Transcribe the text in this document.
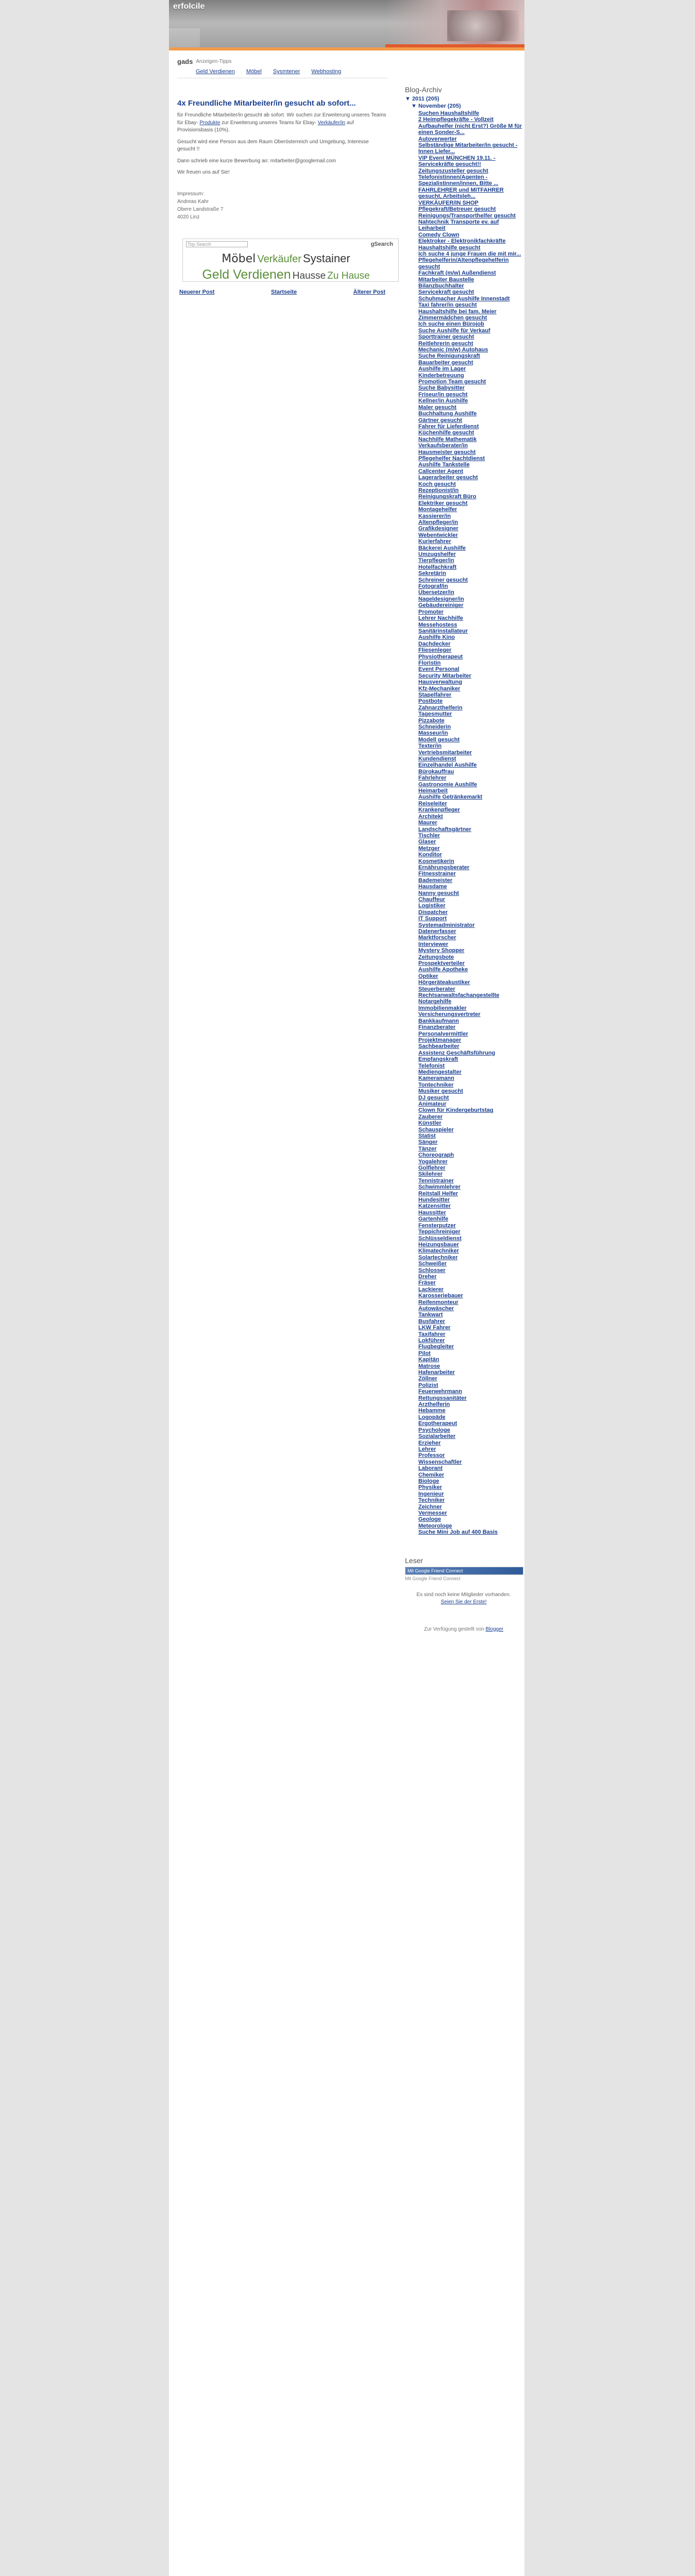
erfolcile
gads Anzeigen-Tipps
Geld Verdienen Möbel Sysmtener Webhosting
4x Freundliche Mitarbeiter/in gesucht ab sofort...
für Freundliche Mitarbeiter/in gesucht ab sofort. Wir suchen zur Erweiterung unseres Teams für Ebay- Produkte zur Erweiterung unseres Teams für Ebay- Verkäufer/in auf Provisionsbasis (10%).
Gesucht wird eine Person aus dem Raum Oberösterreich und Umgebung, Interesse gesucht !!
Dann schrieb eine kurze Bewerbung an: mitarbeiter@googlemail.com
Wir freuen uns auf Sie!
Impressum:
Andreas Kahr
Obere Landstraße 7
4020 Linz
Top Search	gSearch
Möbel Verkäufer Systainer
Geld Verdienen Hausse Zu Hause
Neuerer Post	Startseite	Älterer Post
Blog-Archiv
▼ 2011 (205)
▼ November (205)
Suchen Haushaltshilfe
2 Heimpflegekräfte - Vollzeit
Aufbauhelfer (nicht Erst?) Größe M für einen Sonder-S...
Autoverwerter
Selbständige Mitarbeiter/in gesucht - Innen Liefer...
VIP Event MÜNCHEN 19.11. - Servicekräfte gesucht!!
Zeitungszusteller gesucht
Telefonistinnen/Agenten -Spezialistinnen/innen, Bitte ...
FAHRLEHRER und MITFAHRER gesucht, Arbeitsleh...
VERKÄUFER/IN SHOP
Pflegekraft/Betreuer gesucht
Reinigungs/Transporthelfer gesucht
Nahtechnik Transporte ev. auf Leiharbeit
Comedy Clown
Elektroker - Elektronikfachkräfte
Haushaltshilfe gesucht
Ich suche 4 junge Frauen die mit mir...
Pflegehelferin/Altenpflegehelferin gesucht
Fachkraft (m/w) Außendienst
Mitarbeiter Baustelle
Bilanzbuchhalter
Servicekraft gesucht
Schuhmacher Aushilfe Innenstadt
Taxi fahrer/in gesucht
Haushaltshilfe bei fam. Meier
Zimmermädchen gesucht
Ich suche einen Bürojob
Suche Aushilfe für Verkauf
Sporttrainer gesucht
Reitlehrerin gesucht
Mechanic (m/w) Autohaus
Suche Reinigungskraft
Bauarbeiter gesucht
Aushilfe im Lager
Kinderbetreuung
Promotion Team gesucht
Suche Babysitter
Friseur/in gesucht
Kellner/in Aushilfe
Maler gesucht
Buchhaltung Aushilfe
Gärtner gesucht
Fahrer für Lieferdienst
Küchenhilfe gesucht
Nachhilfe Mathematik
Verkaufsberater/in
Hausmeister gesucht
Pflegehelfer Nachtdienst
Aushilfe Tankstelle
Callcenter Agent
Lagerarbeiter gesucht
Koch gesucht
Rezeptionist/in
Reinigungskraft Büro
Elektriker gesucht
Montagehelfer
Kassierer/in
Altenpfleger/in
Grafikdesigner
Webentwickler
Kurierfahrer
Bäckerei Aushilfe
Umzugshelfer
Tierpfleger/in
Hotelfachkraft
Sekretärin
Schreiner gesucht
Fotograf/in
Übersetzer/in
Nageldesigner/in
Gebäudereiniger
Promoter
Lehrer Nachhilfe
Messehostess
Sanitärinstallateur
Aushilfe Kino
Dachdecker
Fliesenleger
Physiotherapeut
Floristin
Event Personal
Security Mitarbeiter
Hausverwaltung
Kfz-Mechaniker
Stapelfahrer
Postbote
Zahnarzthelferin
Tagesmutter
Pizzabote
Schneiderin
Masseur/in
Modell gesucht
Texter/in
Vertriebsmitarbeiter
Kundendienst
Einzelhandel Aushilfe
Bürokauffrau
Fahrlehrer
Gastronomie Aushilfe
Heimarbeit
Aushilfe Getränkemarkt
Reiseleiter
Krankenpfleger
Architekt
Maurer
Landschaftsgärtner
Tischler
Glaser
Metzger
Konditor
Kosmetikerin
Ernährungsberater
Fitnesstrainer
Bademeister
Hausdame
Nanny gesucht
Chauffeur
Logistiker
Dispatcher
IT Support
Systemadministrator
Datenerfasser
Marktforscher
Interviewer
Mystery Shopper
Zeitungsbote
Prospektverteiler
Aushilfe Apotheke
Optiker
Hörgeräteakustiker
Steuerberater
Rechtsanwaltsfachangestellte
Notargehilfe
Immobilienmakler
Versicherungsvertreter
Bankkaufmann
Finanzberater
Personalvermittler
Projektmanager
Sachbearbeiter
Assistenz Geschäftsführung
Empfangskraft
Telefonist
Mediengestalter
Kameramann
Tontechniker
Musiker gesucht
DJ gesucht
Animateur
Clown für Kindergeburtstag
Zauberer
Künstler
Schauspieler
Statist
Sänger
Tänzer
Choreograph
Yogalehrer
Golflehrer
Skilehrer
Tennistrainer
Schwimmlehrer
Reitstall Helfer
Hundesitter
Katzensitter
Haussitter
Gartenhilfe
Fensterputzer
Teppichreiniger
Schlüsseldienst
Heizungsbauer
Klimatechniker
Solartechniker
Schweißer
Schlosser
Dreher
Fräser
Lackierer
Karosseriebauer
Reifenmonteur
Autowäscher
Tankwart
Busfahrer
LKW Fahrer
Taxifahrer
Lokführer
Flugbegleiter
Pilot
Kapitän
Matrose
Hafenarbeiter
Zöllner
Polizist
Feuerwehrmann
Rettungssanitäter
Arzthelferin
Hebamme
Logopäde
Ergotherapeut
Psychologe
Sozialarbeiter
Erzieher
Lehrer
Professor
Wissenschaftler
Laborant
Chemiker
Biologe
Physiker
Ingenieur
Techniker
Zeichner
Vermesser
Geologe
Meteorologe
Suche Mini Job auf 400 Basis
Leser
Mit Google Friend Connect
Mit Google Friend Connect
Es sind noch keine Mitglieder vorhanden.
Seien Sie der Erste!
Zur Verfügung gestellt von Blogger
